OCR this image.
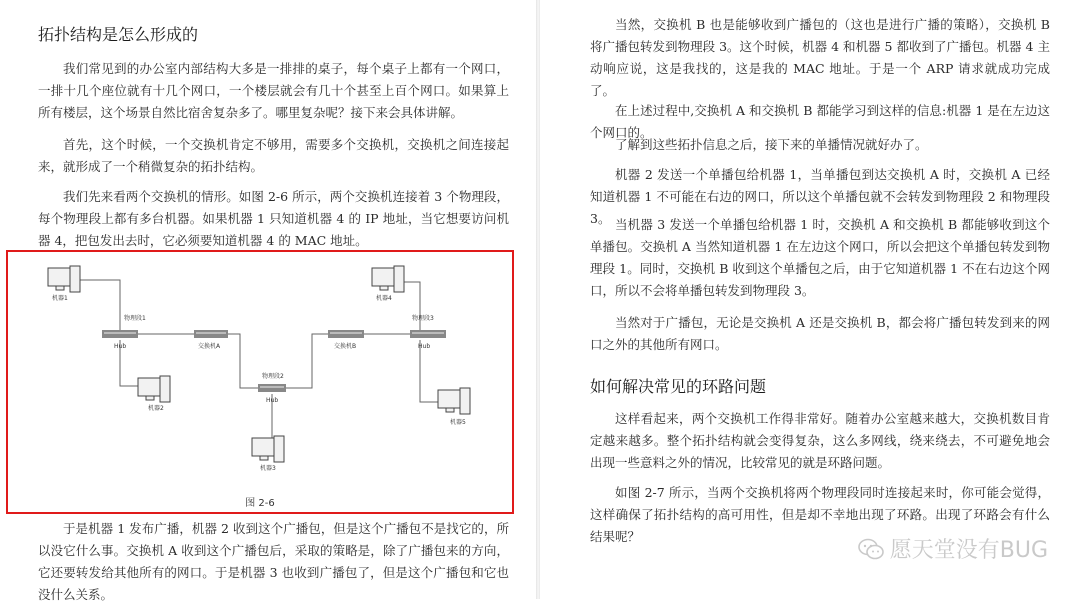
拓扑结构是怎么形成的

我们常见到的办公室内部结构大多是一排排的桌子，每个桌子上都有一个网口，一排十几个座位就有十几个网口，一个楼层就会有几十个甚至上百个网口。如果算上所有楼层，这个场景自然比宿舍复杂多了。哪里复杂呢？接下来会具体讲解。

首先，这个时候，一个交换机肯定不够用，需要多个交换机，交换机之间连接起来，就形成了一个稍微复杂的拓扑结构。

我们先来看两个交换机的情形。如图 2-6 所示，两个交换机连接着 3 个物理段，每个物理段上都有多台机器。如果机器 1 只知道机器 4 的 IP 地址，当它想要访问机器 4，把包发出去时，它必须要知道机器 4 的 MAC 地址。

机器1
机器2
机器3
机器4
机器5
物理段1
物理段2
物理段3
Hub
Hub
Hub
交换机A	交换机B
图 2-6

于是机器 1 发布广播，机器 2 收到这个广播包，但是这个广播包不是找它的，所以没它什么事。交换机 A 收到这个广播包后，采取的策略是，除了广播包来的方向，它还要转发给其他所有的网口。于是机器 3 也收到广播包了，但是这个广播包和它也没什么关系。

当然，交换机 B 也是能够收到广播包的（这也是进行广播的策略），交换机 B 将广播包转发到物理段 3。这个时候，机器 4 和机器 5 都收到了广播包。机器 4 主动响应说，这是我找的，这是我的 MAC 地址。于是一个 ARP 请求就成功完成了。

在上述过程中,交换机 A 和交换机 B 都能学习到这样的信息:机器 1 是在左边这个网口的。

了解到这些拓扑信息之后，接下来的单播情况就好办了。

机器 2 发送一个单播包给机器 1，当单播包到达交换机 A 时，交换机 A 已经知道机器 1 不可能在右边的网口，所以这个单播包就不会转发到物理段 2 和物理段 3。 当机器 3 发送一个单播包给机器 1 时，交换机 A 和交换机 B 都能够收到这个单播包。交换机 A 当然知道机器 1 在左边这个网口，所以会把这个单播包转发到物理段 1。同时，交换机 B 收到这个单播包之后，由于它知道机器 1 不在右边这个网口，所以不会将单播包转发到物理段 3。

当然对于广播包，无论是交换机 A 还是交换机 B，都会将广播包转发到来的网口之外的其他所有网口。

如何解决常见的环路问题

这样看起来，两个交换机工作得非常好。随着办公室越来越大，交换机数目肯定越来越多。整个拓扑结构就会变得复杂，这么多网线，绕来绕去，不可避免地会出现一些意料之外的情况，比较常见的就是环路问题。

如图 2-7 所示，当两个交换机将两个物理段同时连接起来时，你可能会觉得，这样确保了拓扑结构的高可用性，但是却不幸地出现了环路。出现了环路会有什么结果呢？

愿天堂没有BUG
